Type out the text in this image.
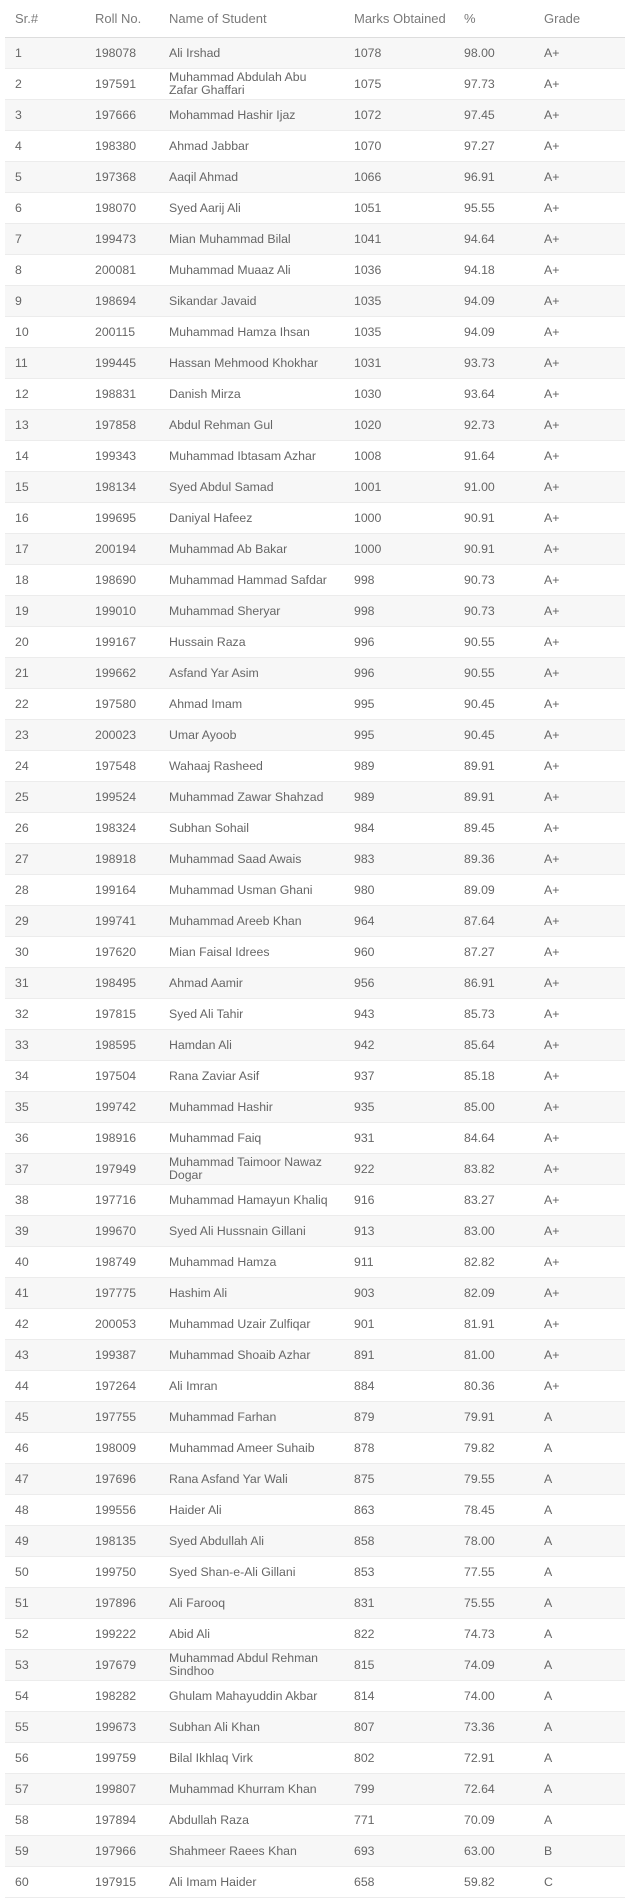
Sr.#	Roll No.	Name of Student	Marks Obtained	%	Grade
1	198078	Ali Irshad	1078	98.00	A+
2	197591	Muhammad Abdulah Abu Zafar Ghaffari	1075	97.73	A+
3	197666	Mohammad Hashir Ijaz	1072	97.45	A+
4	198380	Ahmad Jabbar	1070	97.27	A+
5	197368	Aaqil Ahmad	1066	96.91	A+
6	198070	Syed Aarij Ali	1051	95.55	A+
7	199473	Mian Muhammad Bilal	1041	94.64	A+
8	200081	Muhammad Muaaz Ali	1036	94.18	A+
9	198694	Sikandar Javaid	1035	94.09	A+
10	200115	Muhammad Hamza Ihsan	1035	94.09	A+
11	199445	Hassan Mehmood Khokhar	1031	93.73	A+
12	198831	Danish Mirza	1030	93.64	A+
13	197858	Abdul Rehman Gul	1020	92.73	A+
14	199343	Muhammad Ibtasam Azhar	1008	91.64	A+
15	198134	Syed Abdul Samad	1001	91.00	A+
16	199695	Daniyal Hafeez	1000	90.91	A+
17	200194	Muhammad Ab Bakar	1000	90.91	A+
18	198690	Muhammad Hammad Safdar	998	90.73	A+
19	199010	Muhammad Sheryar	998	90.73	A+
20	199167	Hussain Raza	996	90.55	A+
21	199662	Asfand Yar Asim	996	90.55	A+
22	197580	Ahmad Imam	995	90.45	A+
23	200023	Umar Ayoob	995	90.45	A+
24	197548	Wahaaj Rasheed	989	89.91	A+
25	199524	Muhammad Zawar Shahzad	989	89.91	A+
26	198324	Subhan Sohail	984	89.45	A+
27	198918	Muhammad Saad Awais	983	89.36	A+
28	199164	Muhammad Usman Ghani	980	89.09	A+
29	199741	Muhammad Areeb Khan	964	87.64	A+
30	197620	Mian Faisal Idrees	960	87.27	A+
31	198495	Ahmad Aamir	956	86.91	A+
32	197815	Syed Ali Tahir	943	85.73	A+
33	198595	Hamdan Ali	942	85.64	A+
34	197504	Rana Zaviar Asif	937	85.18	A+
35	199742	Muhammad Hashir	935	85.00	A+
36	198916	Muhammad Faiq	931	84.64	A+
37	197949	Muhammad Taimoor Nawaz Dogar	922	83.82	A+
38	197716	Muhammad Hamayun Khaliq	916	83.27	A+
39	199670	Syed Ali Hussnain Gillani	913	83.00	A+
40	198749	Muhammad Hamza	911	82.82	A+
41	197775	Hashim Ali	903	82.09	A+
42	200053	Muhammad Uzair Zulfiqar	901	81.91	A+
43	199387	Muhammad Shoaib Azhar	891	81.00	A+
44	197264	Ali Imran	884	80.36	A+
45	197755	Muhammad Farhan	879	79.91	A
46	198009	Muhammad Ameer Suhaib	878	79.82	A
47	197696	Rana Asfand Yar Wali	875	79.55	A
48	199556	Haider Ali	863	78.45	A
49	198135	Syed Abdullah Ali	858	78.00	A
50	199750	Syed Shan-e-Ali Gillani	853	77.55	A
51	197896	Ali Farooq	831	75.55	A
52	199222	Abid Ali	822	74.73	A
53	197679	Muhammad Abdul Rehman Sindhoo	815	74.09	A
54	198282	Ghulam Mahayuddin Akbar	814	74.00	A
55	199673	Subhan Ali Khan	807	73.36	A
56	199759	Bilal Ikhlaq Virk	802	72.91	A
57	199807	Muhammad Khurram Khan	799	72.64	A
58	197894	Abdullah Raza	771	70.09	A
59	197966	Shahmeer Raees Khan	693	63.00	B
60	197915	Ali Imam Haider	658	59.82	C
